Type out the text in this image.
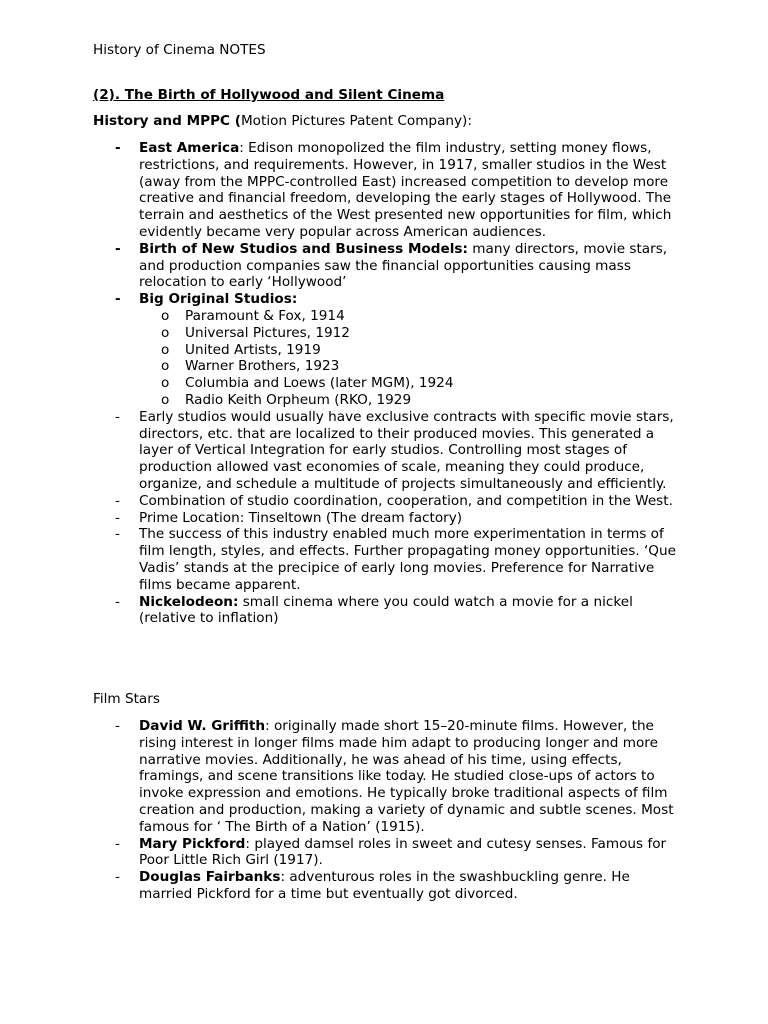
History of Cinema NOTES

(2). The Birth of Hollywood and Silent Cinema

History and MPPC (Motion Pictures Patent Company):

- East America: Edison monopolized the film industry, setting money flows, restrictions, and requirements. However, in 1917, smaller studios in the West (away from the MPPC-controlled East) increased competition to develop more creative and financial freedom, developing the early stages of Hollywood. The terrain and aesthetics of the West presented new opportunities for film, which evidently became very popular across American audiences.
- Birth of New Studios and Business Models: many directors, movie stars, and production companies saw the financial opportunities causing mass relocation to early ‘Hollywood’
- Big Original Studios:
o Paramount & Fox, 1914
o Universal Pictures, 1912
o United Artists, 1919
o Warner Brothers, 1923
o Columbia and Loews (later MGM), 1924
o Radio Keith Orpheum (RKO, 1929
- Early studios would usually have exclusive contracts with specific movie stars, directors, etc. that are localized to their produced movies. This generated a layer of Vertical Integration for early studios. Controlling most stages of production allowed vast economies of scale, meaning they could produce, organize, and schedule a multitude of projects simultaneously and efficiently.
- Combination of studio coordination, cooperation, and competition in the West.
- Prime Location: Tinseltown (The dream factory)
- The success of this industry enabled much more experimentation in terms of film length, styles, and effects. Further propagating money opportunities. ‘Que Vadis’ stands at the precipice of early long movies. Preference for Narrative films became apparent.
- Nickelodeon: small cinema where you could watch a movie for a nickel (relative to inflation)

Film Stars

- David W. Griffith: originally made short 15–20-minute films. However, the rising interest in longer films made him adapt to producing longer and more narrative movies. Additionally, he was ahead of his time, using effects, framings, and scene transitions like today. He studied close-ups of actors to invoke expression and emotions. He typically broke traditional aspects of film creation and production, making a variety of dynamic and subtle scenes. Most famous for ‘ The Birth of a Nation’ (1915).
- Mary Pickford: played damsel roles in sweet and cutesy senses. Famous for Poor Little Rich Girl (1917).
- Douglas Fairbanks: adventurous roles in the swashbuckling genre. He married Pickford for a time but eventually got divorced.
